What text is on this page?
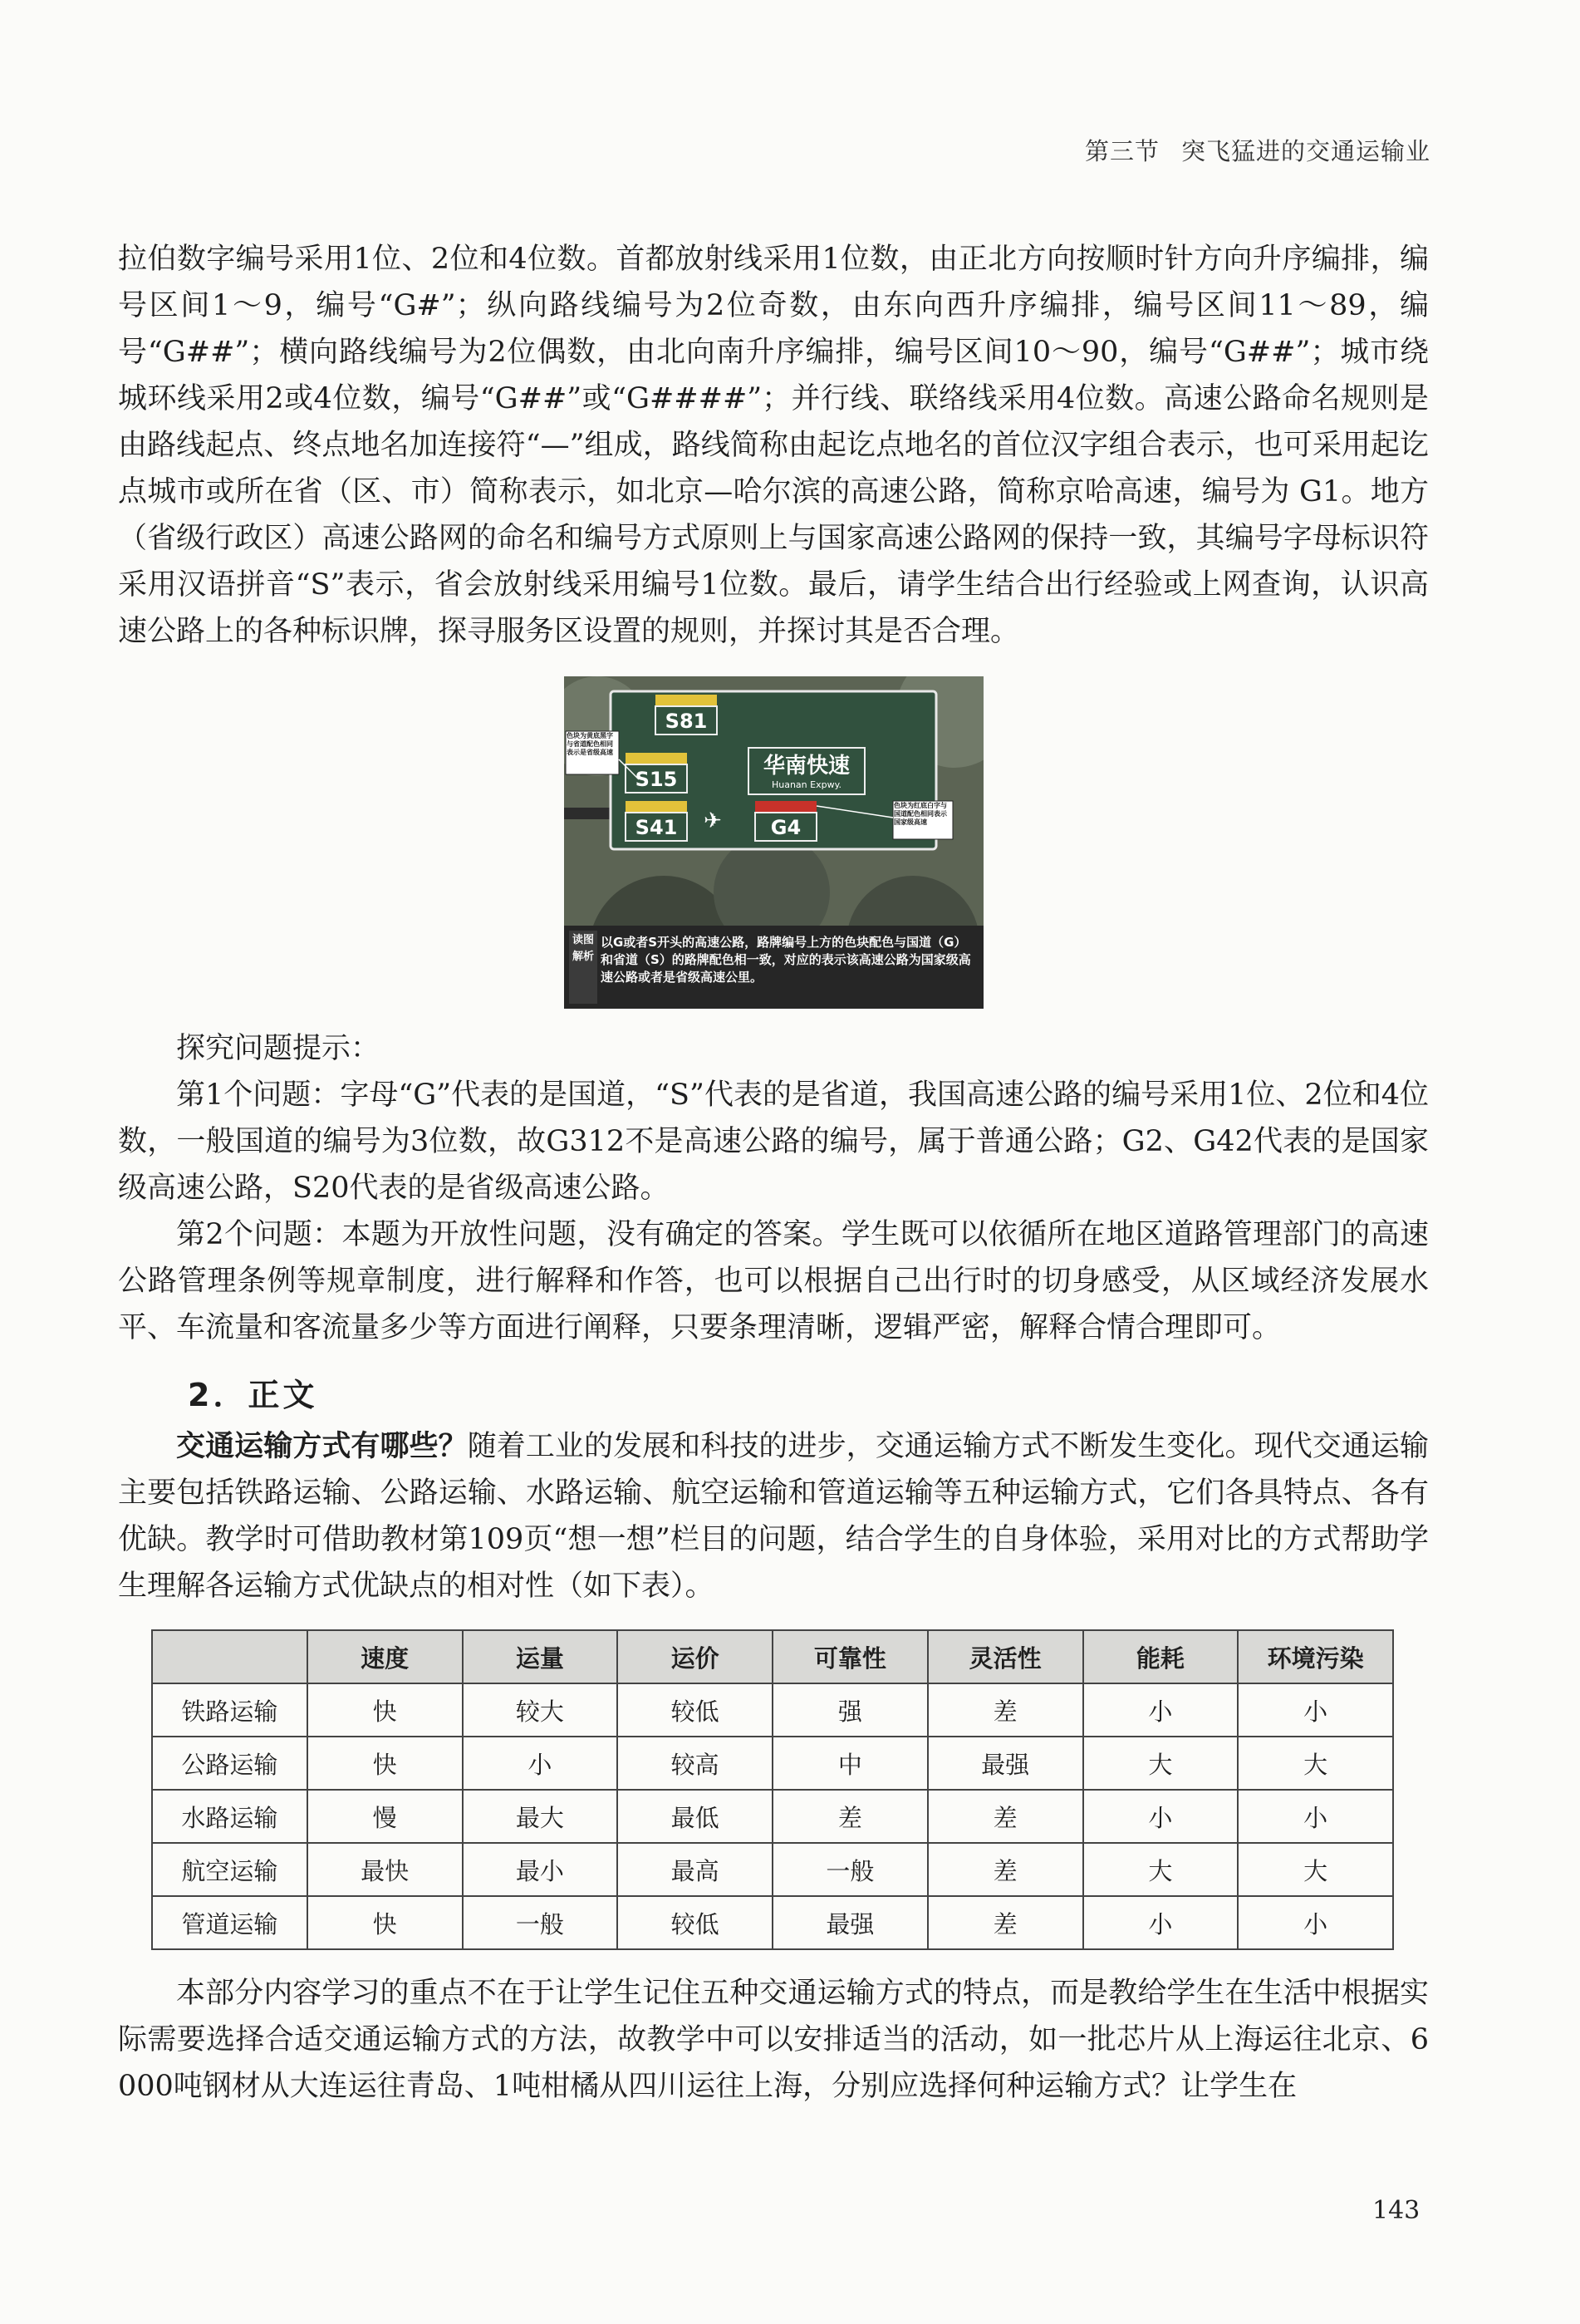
第三节 突飞猛进的交通运输业

拉伯数字编号采用1位、2位和4位数。首都放射线采用1位数，由正北方向按顺时针方向升序编排，编号区间1～9，编号“G#”；纵向路线编号为2位奇数，由东向西升序编排，编号区间11～89，编号“G##”；横向路线编号为2位偶数，由北向南升序编排，编号区间10～90，编号“G##”；城市绕城环线采用2或4位数，编号“G##”或“G####”；并行线、联络线采用4位数。高速公路命名规则是由路线起点、终点地名加连接符“—”组成，路线简称由起讫点地名的首位汉字组合表示，也可采用起讫点城市或所在省（区、市）简称表示，如北京—哈尔滨的高速公路，简称京哈高速，编号为 G1。地方（省级行政区）高速公路网的命名和编号方式原则上与国家高速公路网的保持一致，其编号字母标识符采用汉语拼音“S”表示，省会放射线采用编号1位数。最后，请学生结合出行经验或上网查询，认识高速公路上的各种标识牌，探寻服务区设置的规则，并探讨其是否合理。

S81
S15
S41 ✈ G4
华南快速
Huanan Expwy.
色块为黄底黑字与省道配色相同表示是省级高速
色块为红底白字与国道配色相同表示国家级高速
读图解析
以G或者S开头的高速公路，路牌编号上方的色块配色与国道（G）和省道（S）的路牌配色相一致，对应的表示该高速公路为国家级高速公路或者是省级高速公里。

探究问题提示：

第1个问题：字母“G”代表的是国道，“S”代表的是省道，我国高速公路的编号采用1位、2位和4位数，一般国道的编号为3位数，故G312不是高速公路的编号，属于普通公路；G2、G42代表的是国家级高速公路，S20代表的是省级高速公路。

第2个问题：本题为开放性问题，没有确定的答案。学生既可以依循所在地区道路管理部门的高速公路管理条例等规章制度，进行解释和作答，也可以根据自己出行时的切身感受，从区域经济发展水平、车流量和客流量多少等方面进行阐释，只要条理清晰，逻辑严密，解释合情合理即可。

2．正文

交通运输方式有哪些？随着工业的发展和科技的进步，交通运输方式不断发生变化。现代交通运输主要包括铁路运输、公路运输、水路运输、航空运输和管道运输等五种运输方式，它们各具特点、各有优缺。教学时可借助教材第109页“想一想”栏目的问题，结合学生的自身体验，采用对比的方式帮助学生理解各运输方式优缺点的相对性（如下表）。

	速度	运量	运价	可靠性	灵活性	能耗	环境污染
铁路运输	快	较大	较低	强	差	小	小
公路运输	快	小	较高	中	最强	大	大
水路运输	慢	最大	最低	差	差	小	小
航空运输	最快	最小	最高	一般	差	大	大
管道运输	快	一般	较低	最强	差	小	小

本部分内容学习的重点不在于让学生记住五种交通运输方式的特点，而是教给学生在生活中根据实际需要选择合适交通运输方式的方法，故教学中可以安排适当的活动，如一批芯片从上海运往北京、6 000吨钢材从大连运往青岛、1吨柑橘从四川运往上海，分别应选择何种运输方式？让学生在

143
